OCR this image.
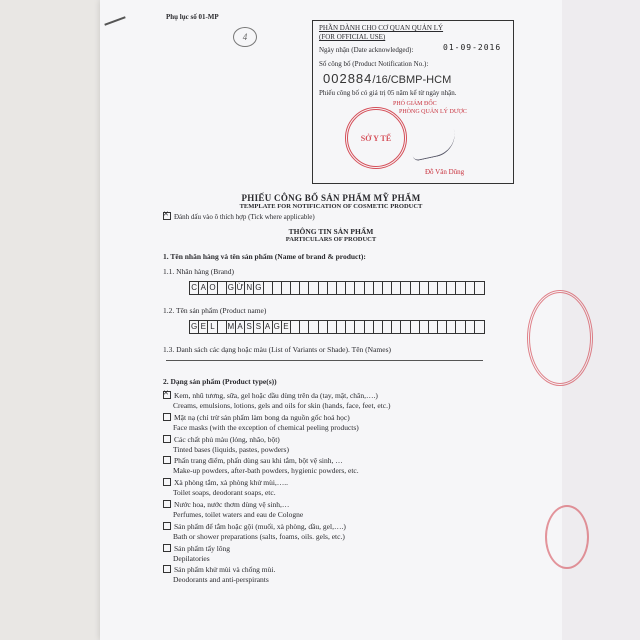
Phụ lục số 01-MP
4
PHẦN DÀNH CHO CƠ QUAN QUẢN LÝ
(FOR OFFICIAL USE)
Ngày nhận (Date acknowledged):	01-09-2016
Số công bố (Product Notification No.):
002884/16/CBMP-HCM
Phiếu công bố có giá trị 05 năm kể từ ngày nhận.
PHÓ GIÁM ĐỐC
PHÒNG QUẢN LÝ DƯỢC
SỞ Y TẾ
Đỗ Văn Dũng
PHIẾU CÔNG BỐ SẢN PHẨM MỸ PHẨM
TEMPLATE FOR NOTIFICATION OF COSMETIC PRODUCT
✕Đánh dấu vào ô thích hợp (Tick where applicable)
THÔNG TIN SẢN PHẨM
PARTICULARS OF PRODUCT
1. Tên nhãn hàng và tên sản phẩm (Name of brand & product):
1.1. Nhãn hàng (Brand)
C A O G Ừ N G
1.2. Tên sản phẩm (Product name)
G E L	M A S S A G E
1.3. Danh sách các dạng hoặc màu (List of Variants or Shade). Tên (Names)
2. Dạng sản phẩm (Product type(s))
✕Kem, nhũ tương, sữa, gel hoặc dầu dùng trên da (tay, mặt, chân,….)
Creams, emulsions, lotions, gels and oils for skin (hands, face, feet, etc.)
Mặt nạ (chỉ trừ sản phẩm làm bong da nguồn gốc hoá học)
Face masks (with the exception of chemical peeling products)
Các chất phủ màu (lỏng, nhão, bột)
Tinted bases (liquids, pastes, powders)
Phấn trang điểm, phấn dùng sau khi tắm, bột vệ sinh, …
Make-up powders, after-bath powders, hygienic powders, etc.
Xà phòng tắm, xà phòng khử mùi,…..
Toilet soaps, deodorant soaps, etc.
Nước hoa, nước thơm dùng vệ sinh,…
Perfumes, toilet waters and eau de Cologne
Sản phẩm để tắm hoặc gội (muối, xà phòng, dầu, gel,….)
Bath or shower preparations (salts, foams, oils. gels, etc.)
Sản phẩm tẩy lông
Depilatories
Sản phẩm khử mùi và chống mùi.
Deodorants and anti-perspirants
